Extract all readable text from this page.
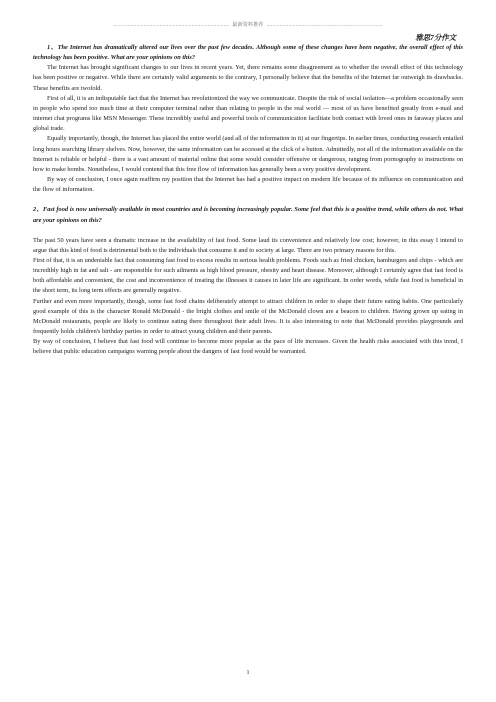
................................................................................ 最新资料推荐 ................................................................................
雅思7分作文

1、The Internet has dramatically altered our lives over the past few decades. Although some of these changes have been negative, the overall effect of this technology has been positive. What are your opinions on this?

The Internet has brought significant changes to our lives in recent years. Yet, there remains some disagreement as to whether the overall effect of this technology has been positive or negative. While there are certainly valid arguments to the contrary, I personally believe that the benefits of the Internet far outweigh its drawbacks. These benefits are twofold.

First of all, it is an indisputable fact that the Internet has revolutionized the way we communicate. Despite the risk of social isolation—a problem occasionally seen in people who spend too much time at their computer terminal rather than relating to people in the real world — most of us have benefited greatly from e-mail and internet chat programs like MSN Messenger. These incredibly useful and powerful tools of communication facilitate both contact with loved ones in faraway places and global trade.

Equally importantly, though, the Internet has placed the entire world (and all of the information in it) at our fingertips. In earlier times, conducting research entailed long hours searching library shelves. Now, however, the same information can be accessed at the click of a button. Admittedly, not all of the information available on the Internet is reliable or helpful - there is a vast amount of material online that some would consider offensive or dangerous, ranging from pornography to instructions on how to make bombs. Nonetheless, I would contend that this free flow of information has generally been a very positive development.

By way of conclusion, I once again reaffirm my position that the Internet has had a positive impact on modern life because of its influence on communication and the flow of information.

2、Fast food is now universally available in most countries and is becoming increasingly popular. Some feel that this is a positive trend, while others do not. What are your opinions on this?

The past 50 years have seen a dramatic increase in the availability of fast food. Some laud its convenience and relatively low cost; however, in this essay I intend to argue that this kind of food is detrimental both to the individuals that consume it and to society at large. There are two primary reasons for this.

First of that, it is an undeniable fact that consuming fast food to excess results in serious health problems. Foods such as fried chicken, hamburgers and chips - which are incredibly high in fat and salt - are responsible for such ailments as high blood pressure, obesity and heart disease. Moreover, although I certainly agree that fast food is both affordable and convenient, the cost and inconvenience of treating the illnesses it causes in later life are significant. In order words, while fast food is beneficial in the short term, its long term effects are generally negative.

Further and even more importantly, though, some fast food chains deliberately attempt to attract children in order to shape their future eating habits. One particularly good example of this is the character Ronald McDonald - the bright clothes and smile of the McDonald clown are a beacon to children. Having grown up eating in McDonald restaurants, people are likely to continue eating there throughout their adult lives. It is also interesting to note that McDonald provides playgrounds and frequently holds children's birthday parties in order to attract young children and their parents.

By way of conclusion, I believe that fast food will continue to become more popular as the pace of life increases. Given the health risks associated with this trend, I believe that public education campaigns warning people about the dangers of fast food would be warranted.

1
